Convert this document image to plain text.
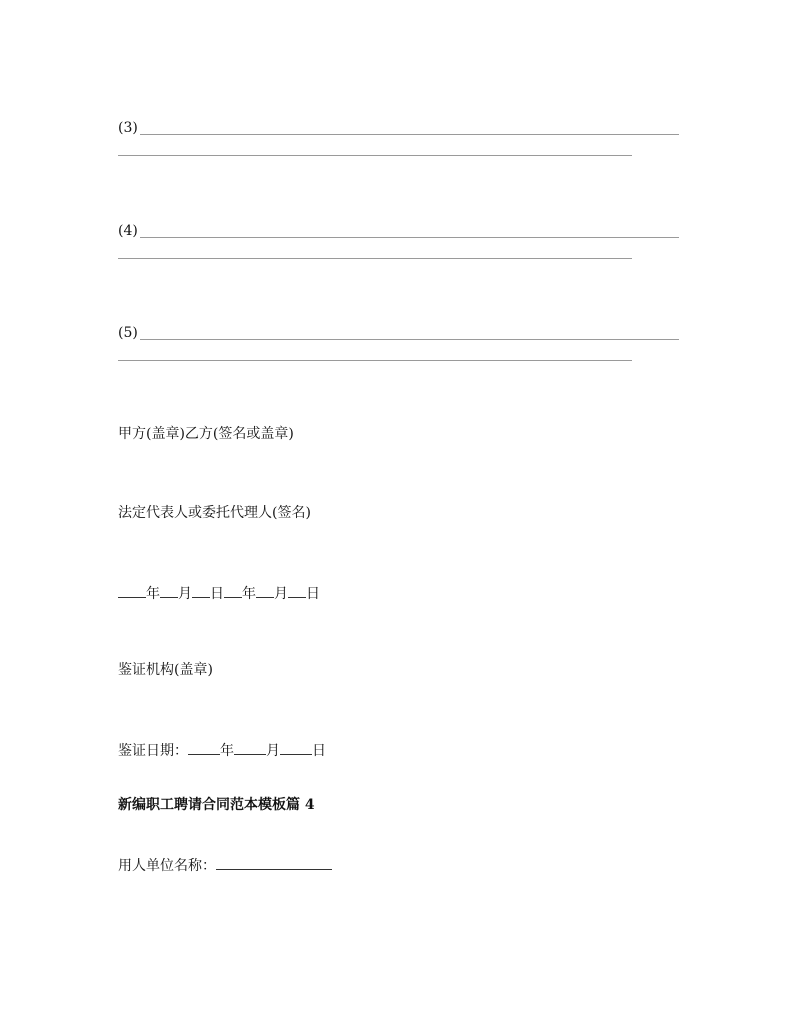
(3)
(4)
(5)
甲方(盖章)乙方(签名或盖章)
法定代表人或委托代理人(签名)
年 月 日 年 月 日
鉴证机构(盖章)
鉴证日期： 年 月 日
新编职工聘请合同范本模板篇 4
用人单位名称：
